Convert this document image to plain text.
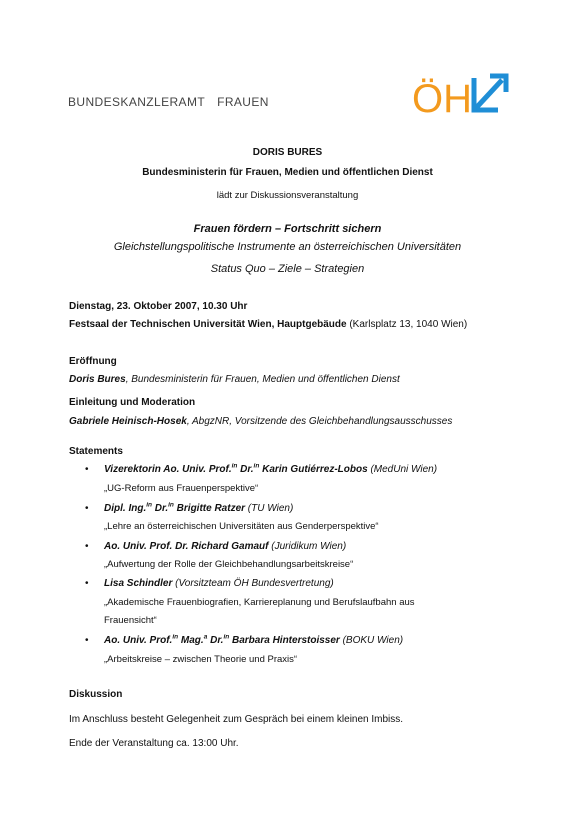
BUNDESKANZLERAMT FRAUEN	ÖH
DORIS BURES
Bundesministerin für Frauen, Medien und öffentlichen Dienst
lädt zur Diskussionsveranstaltung
Frauen fördern – Fortschritt sichern
Gleichstellungspolitische Instrumente an österreichischen Universitäten
Status Quo – Ziele – Strategien
Dienstag, 23. Oktober 2007, 10.30 Uhr
Festsaal der Technischen Universität Wien, Hauptgebäude (Karlsplatz 13, 1040 Wien)
Eröffnung
Doris Bures, Bundesministerin für Frauen, Medien und öffentlichen Dienst
Einleitung und Moderation
Gabriele Heinisch-Hosek, AbgzNR, Vorsitzende des Gleichbehandlungsausschusses
Statements
• Vizerektorin Ao. Univ. Prof.$^{in}$ Dr.$^{in}$ Karin Gutiérrez-Lobos (MedUni Wien)
„UG-Reform aus Frauenperspektive“
• Dipl. Ing.$^{in}$ Dr.$^{in}$ Brigitte Ratzer (TU Wien)
„Lehre an österreichischen Universitäten aus Genderperspektive“
• Ao. Univ. Prof. Dr. Richard Gamauf (Juridikum Wien)
„Aufwertung der Rolle der Gleichbehandlungsarbeitskreise“
• Lisa Schindler (Vorsitzteam ÖH Bundesvertretung)
„Akademische Frauenbiografien, Karriereplanung und Berufslaufbahn aus
Frauensicht“
• Ao. Univ. Prof.$^{in}$ Mag.$^a$ Dr.$^{in}$ Barbara Hinterstoisser (BOKU Wien)
„Arbeitskreise – zwischen Theorie und Praxis“
Diskussion
Im Anschluss besteht Gelegenheit zum Gespräch bei einem kleinen Imbiss.
Ende der Veranstaltung ca. 13:00 Uhr.
